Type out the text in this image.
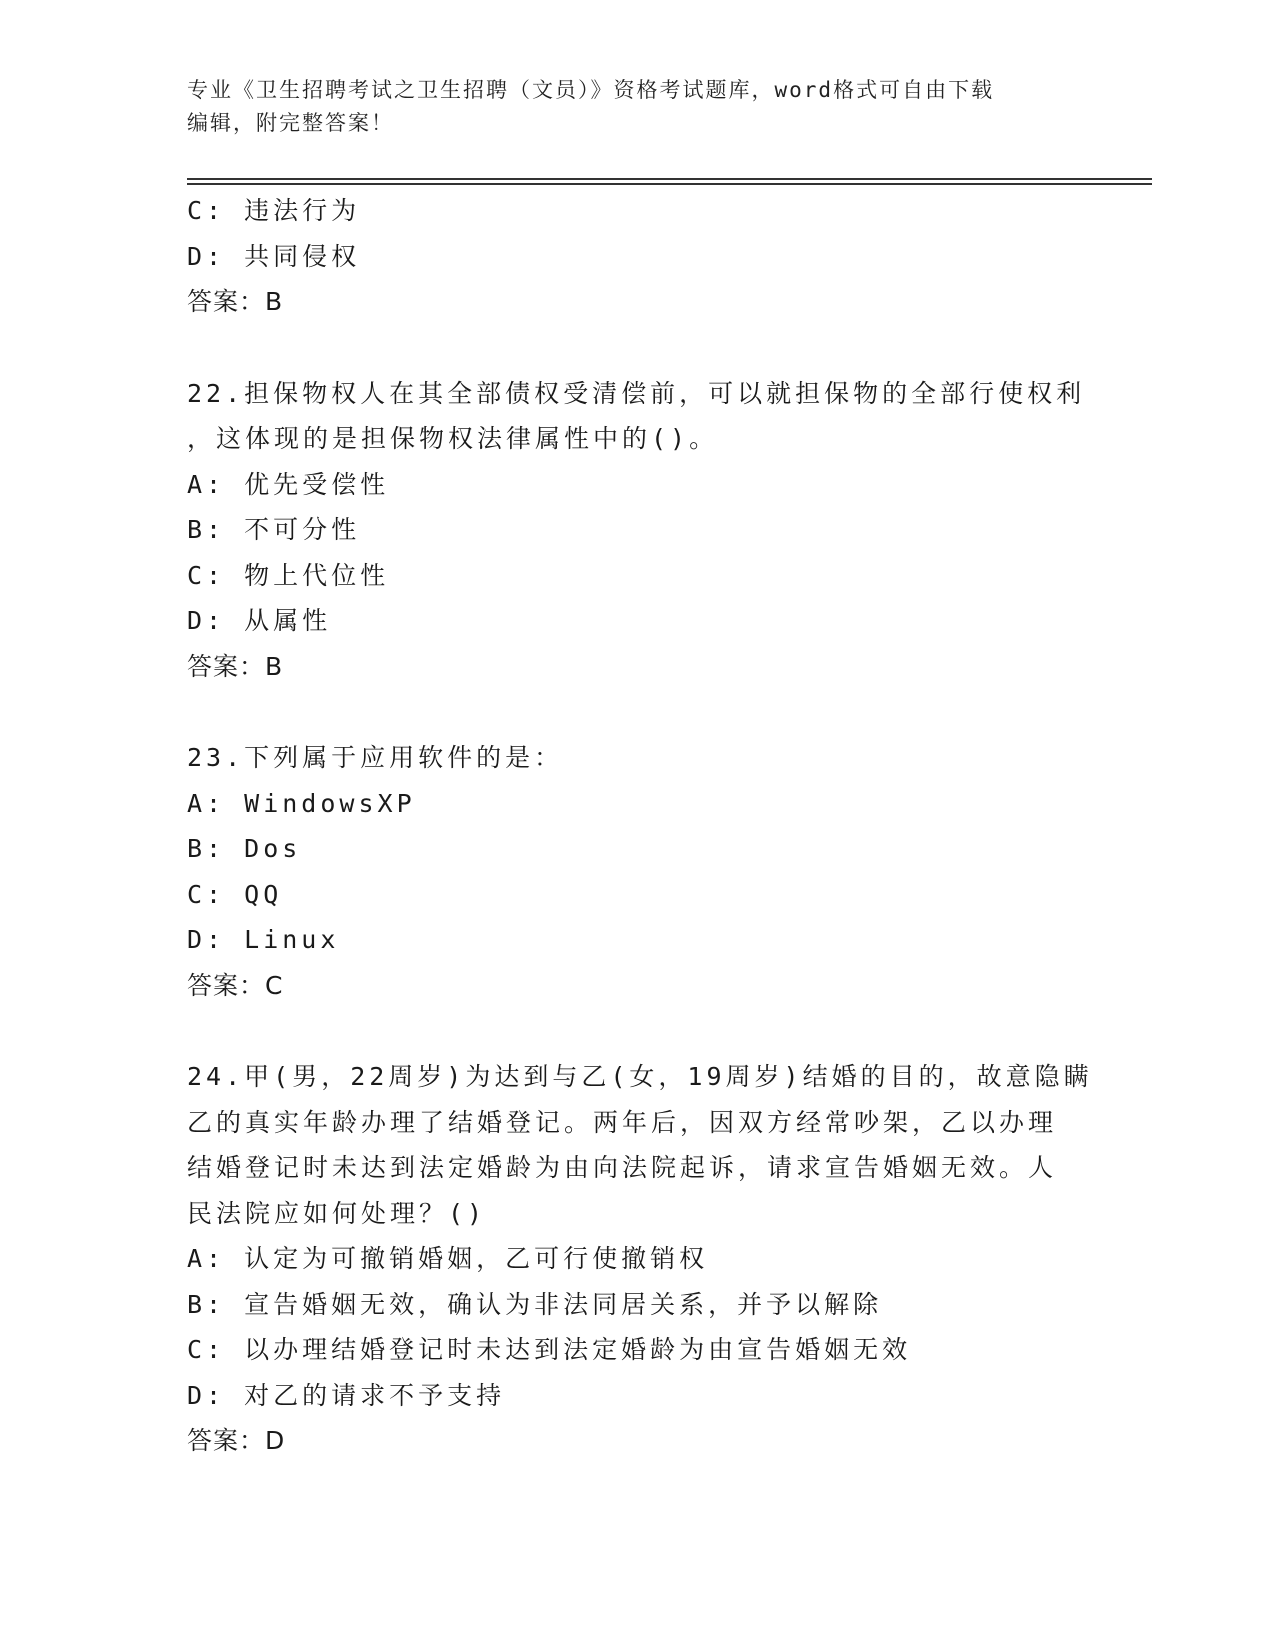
专业《卫生招聘考试之卫生招聘（文员）》资格考试题库，word格式可自由下载
编辑，附完整答案！
C: 违法行为
D: 共同侵权
答案：B
22.担保物权人在其全部债权受清偿前，可以就担保物的全部行使权利
，这体现的是担保物权法律属性中的()。
A: 优先受偿性
B: 不可分性
C: 物上代位性
D: 从属性
答案：B
23.下列属于应用软件的是：
A: WindowsXP
B: Dos
C: QQ
D: Linux
答案：C
24.甲(男，22周岁)为达到与乙(女，19周岁)结婚的目的，故意隐瞒
乙的真实年龄办理了结婚登记。两年后，因双方经常吵架，乙以办理
结婚登记时未达到法定婚龄为由向法院起诉，请求宣告婚姻无效。人
民法院应如何处理？()
A: 认定为可撤销婚姻，乙可行使撤销权
B: 宣告婚姻无效，确认为非法同居关系，并予以解除
C: 以办理结婚登记时未达到法定婚龄为由宣告婚姻无效
D: 对乙的请求不予支持
答案：D
